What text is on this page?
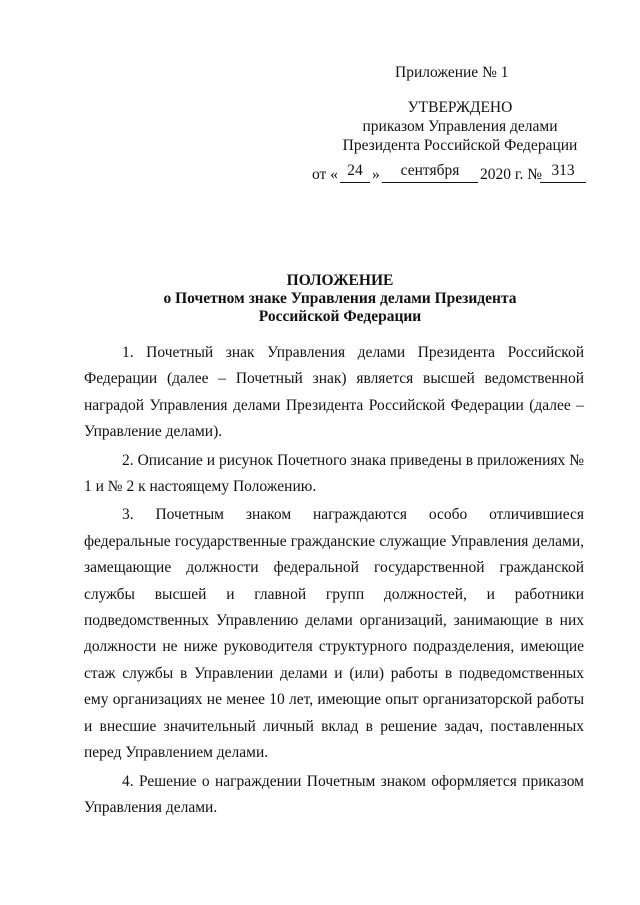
Приложение № 1
УТВЕРЖДЕНО
приказом Управления делами
Президента Российской Федерации
от « 24 »	сентября	2020 г. № 313
ПОЛОЖЕНИЕ
о Почетном знаке Управления делами Президента
Российской Федерации

1. Почетный знак Управления делами Президента Российской Федерации (далее – Почетный знак) является высшей ведомственной наградой Управления делами Президента Российской Федерации (далее – Управление делами).

2. Описание и рисунок Почетного знака приведены в приложениях № 1 и № 2 к настоящему Положению.

3. Почетным знаком награждаются особо отличившиеся федеральные государственные гражданские служащие Управления делами, замещающие должности федеральной государственной гражданской службы высшей и главной групп должностей, и работники подведомственных Управлению делами организаций, занимающие в них должности не ниже руководителя структурного подразделения, имеющие стаж службы в Управлении делами и (или) работы в подведомственных ему организациях не менее 10 лет, имеющие опыт организаторской работы и внесшие значительный личный вклад в решение задач, поставленных перед Управлением делами.

4. Решение о награждении Почетным знаком оформляется приказом Управления делами.
